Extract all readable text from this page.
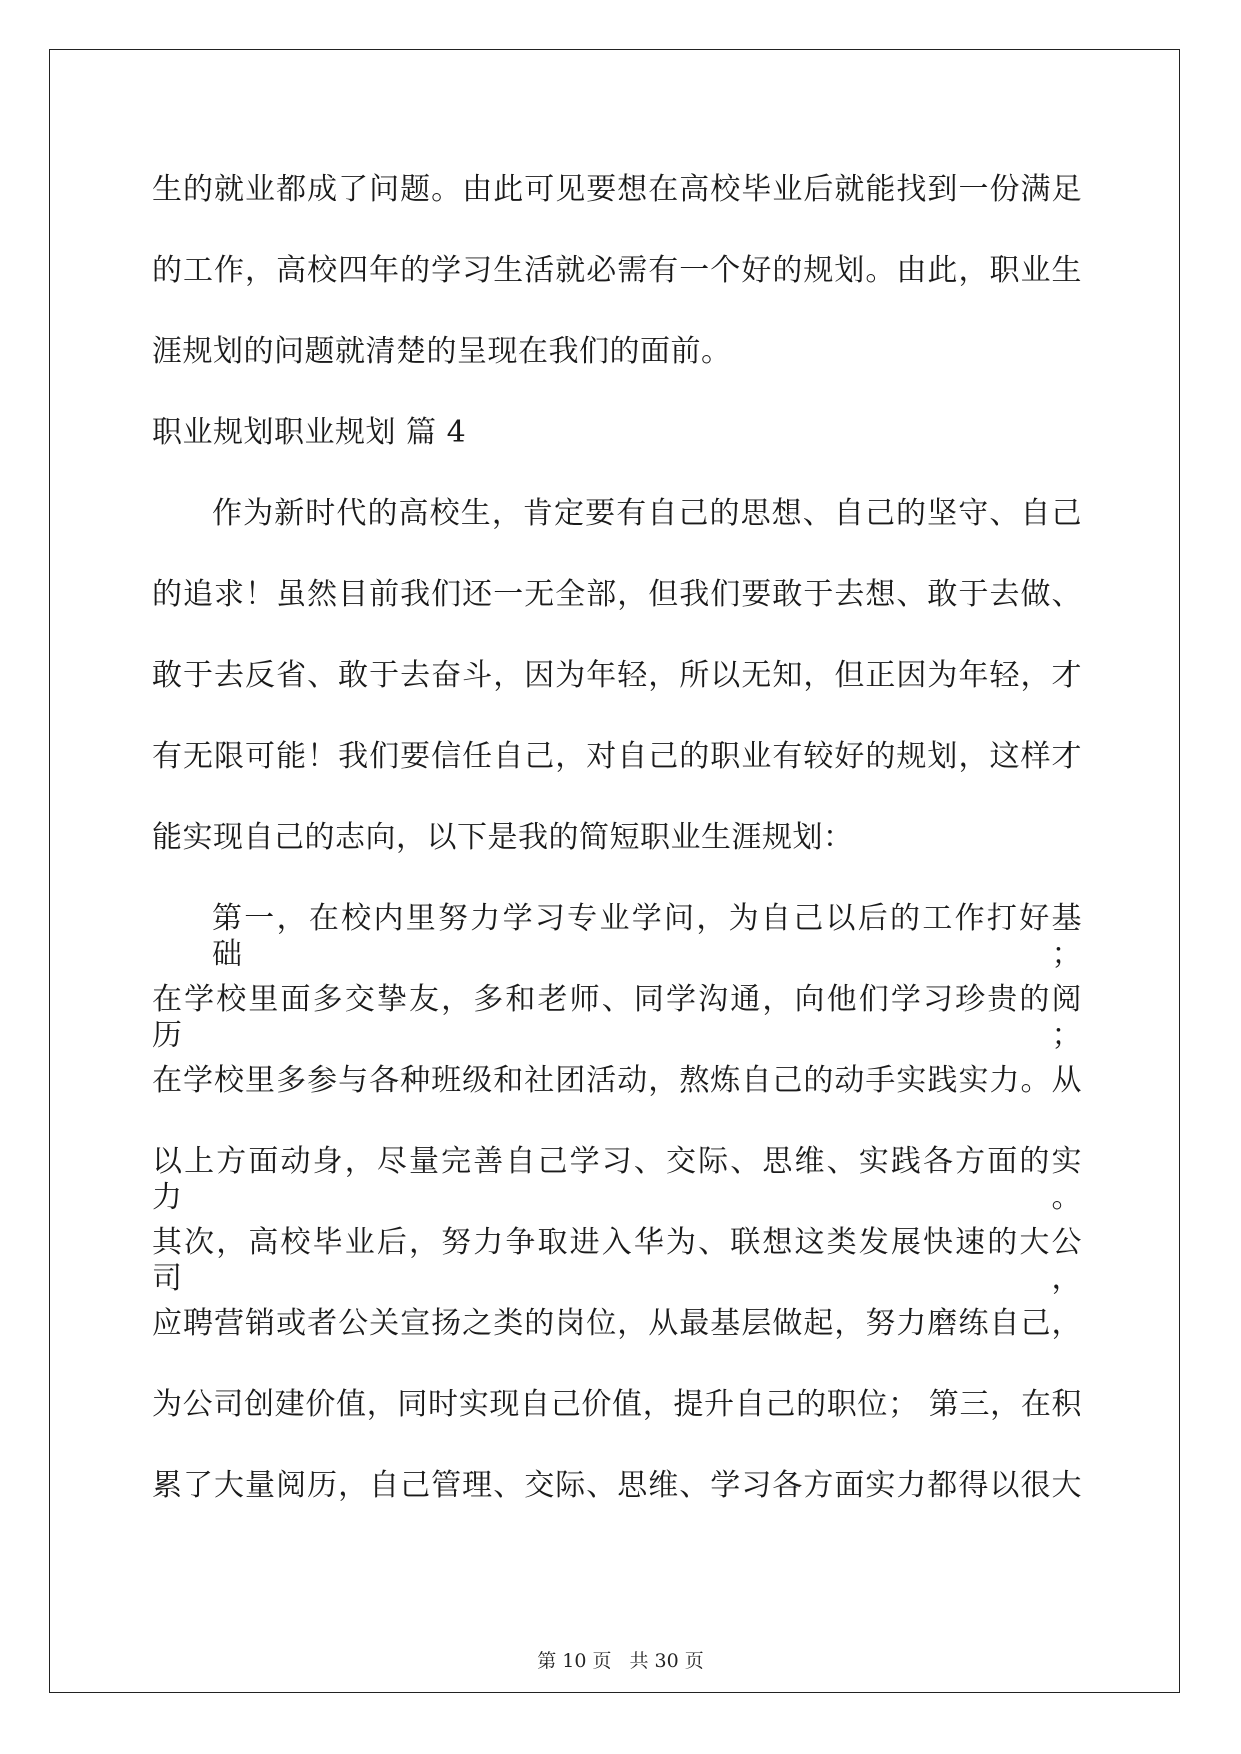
生的就业都成了问题。由此可见要想在高校毕业后就能找到一份满足
的工作，高校四年的学习生活就必需有一个好的规划。由此，职业生
涯规划的问题就清楚的呈现在我们的面前。
职业规划职业规划 篇 4
作为新时代的高校生，肯定要有自己的思想、自己的坚守、自己
的追求！虽然目前我们还一无全部，但我们要敢于去想、敢于去做、
敢于去反省、敢于去奋斗，因为年轻，所以无知，但正因为年轻，才
有无限可能！我们要信任自己，对自己的职业有较好的规划，这样才
能实现自己的志向，以下是我的简短职业生涯规划：
第一，在校内里努力学习专业学问，为自己以后的工作打好基础；
在学校里面多交挚友，多和老师、同学沟通，向他们学习珍贵的阅历；
在学校里多参与各种班级和社团活动，熬炼自己的动手实践实力。从
以上方面动身，尽量完善自己学习、交际、思维、实践各方面的实力。
其次，高校毕业后，努力争取进入华为、联想这类发展快速的大公司，
应聘营销或者公关宣扬之类的岗位，从最基层做起，努力磨练自己，
为公司创建价值，同时实现自己价值，提升自己的职位； 第三，在积
累了大量阅历，自己管理、交际、思维、学习各方面实力都得以很大
第 10 页 共 30 页
